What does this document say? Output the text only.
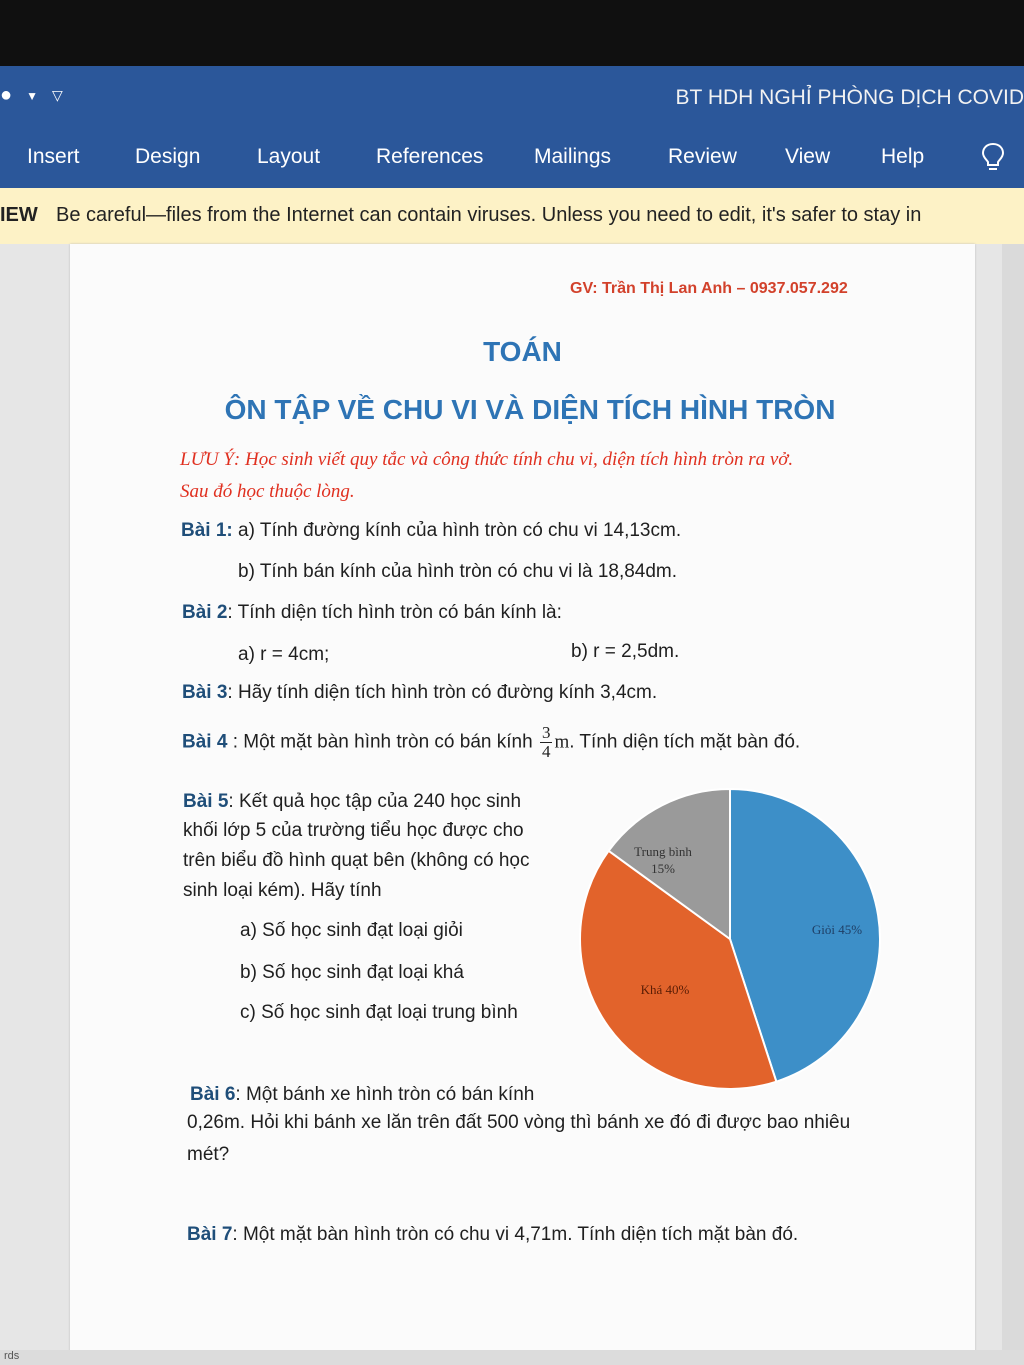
● ▼ ▽	BT HDH NGHỈ PHÒNG DỊCH COVID
Insert	Design	Layout	References Mailings	Review View Help
IEW Be careful—files from the Internet can contain viruses. Unless you need to edit, it's safer to stay in
GV: Trần Thị Lan Anh – 0937.057.292
TOÁN
ÔN TẬP VỀ CHU VI VÀ DIỆN TÍCH HÌNH TRÒN
LƯU Ý: Học sinh viết quy tắc và công thức tính chu vi, diện tích hình tròn ra vở.
Sau đó học thuộc lòng.
Bài 1: a) Tính đường kính của hình tròn có chu vi 14,13cm.
b) Tính bán kính của hình tròn có chu vi là 18,84dm.
Bài 2: Tính diện tích hình tròn có bán kính là:
a) r = 4cm;	b) r = 2,5dm.
Bài 3: Hãy tính diện tích hình tròn có đường kính 3,4cm.
Bài 4 : Một mặt bàn hình tròn có bán kính $\frac{3}{4} m$. Tính diện tích mặt bàn đó.
Bài 5: Kết quả học tập của 240 học sinh
khối lớp 5 của trường tiểu học được cho
trên biểu đồ hình quạt bên (không có học
sinh loại kém). Hãy tính
a) Số học sinh đạt loại giỏi
b) Số học sinh đạt loại khá
c) Số học sinh đạt loại trung bình
Giỏi 45%
Khá 40%
Trung bình
15%
Bài 6: Một bánh xe hình tròn có bán kính
0,26m. Hỏi khi bánh xe lăn trên đất 500 vòng thì bánh xe đó đi được bao nhiêu
mét?
Bài 7: Một mặt bàn hình tròn có chu vi 4,71m. Tính diện tích mặt bàn đó.
rds
